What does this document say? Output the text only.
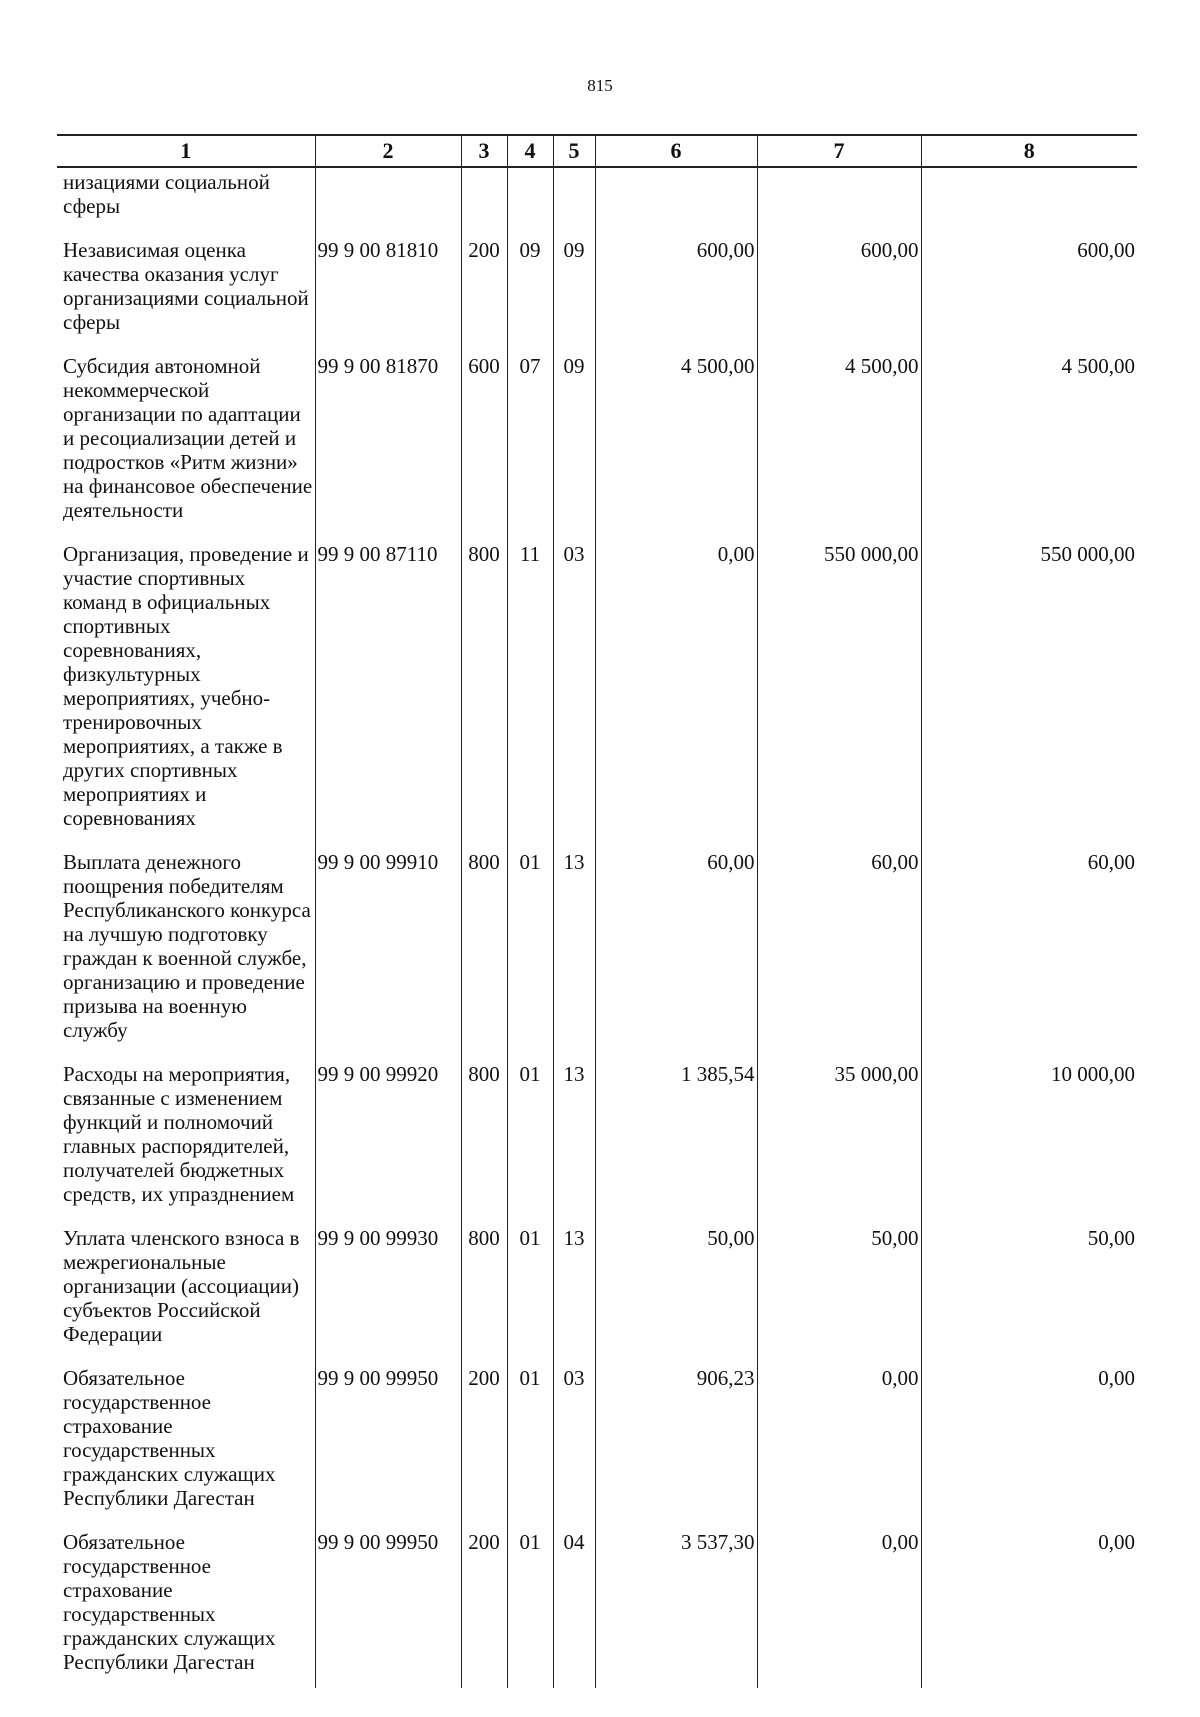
815
1	2	3	4	5	6	7	8
низациями социальной сферы							
Независимая оценка качества оказания услуг организациями социальной сферы	99 9 00 81810	200	09	09	600,00	600,00	600,00
Субсидия автономной некоммерческой организации по адаптации и ресоциализации детей и подростков «Ритм жизни» на финансовое обеспечение деятельности	99 9 00 81870	600	07	09	4 500,00	4 500,00	4 500,00
Организация, проведение и участие спортивных команд в официальных спортивных соревнованиях, физкультурных мероприятиях, учебно-тренировочных мероприятиях, а также в других спортивных мероприятиях и соревнованиях	99 9 00 87110	800	11	03	0,00	550 000,00	550 000,00
Выплата денежного поощрения победителям Республиканского конкурса на лучшую подготовку граждан к военной службе, организацию и проведение призыва на военную службу	99 9 00 99910	800	01	13	60,00	60,00	60,00
Расходы на мероприятия, связанные с изменением функций и полномочий главных распорядителей, получателей бюджетных средств, их упразднением	99 9 00 99920	800	01	13	1 385,54	35 000,00	10 000,00
Уплата членского взноса в межрегиональные организации (ассоциации) субъектов Российской Федерации	99 9 00 99930	800	01	13	50,00	50,00	50,00
Обязательное государственное страхование государственных гражданских служащих Республики Дагестан	99 9 00 99950	200	01	03	906,23	0,00	0,00
Обязательное государственное страхование государственных гражданских служащих Республики Дагестан	99 9 00 99950	200	01	04	3 537,30	0,00	0,00
